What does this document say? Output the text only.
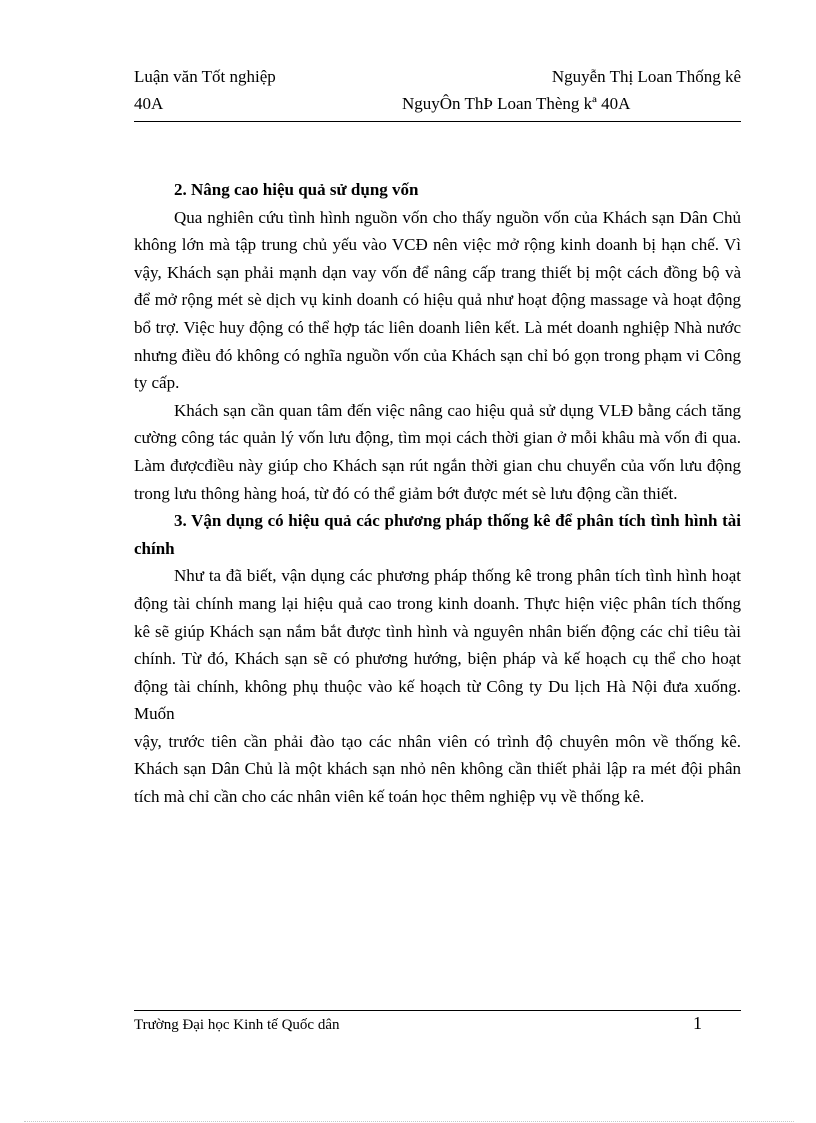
Luận văn Tốt nghiệp	Nguyễn Thị Loan Thống kê
40A	NguyÔn ThÞ Loan Thèng kª 40A

2. Nâng cao hiệu quả sử dụng vốn

Qua nghiên cứu tình hình nguồn vốn cho thấy nguồn vốn của Khách sạn Dân Chủ không lớn mà tập trung chủ yếu vào VCĐ nên việc mở rộng kinh doanh bị hạn chế. Vì vậy, Khách sạn phải mạnh dạn vay vốn để nâng cấp trang thiết bị một cách đồng bộ và để mở rộng mét sè dịch vụ kinh doanh có hiệu quả như hoạt động massage và hoạt động bổ trợ. Việc huy động có thể hợp tác liên doanh liên kết. Là mét doanh nghiệp Nhà nước nhưng điều đó không có nghĩa nguồn vốn của Khách sạn chỉ bó gọn trong phạm vi Công ty cấp.

Khách sạn cần quan tâm đến việc nâng cao hiệu quả sử dụng VLĐ bằng cách tăng cường công tác quản lý vốn lưu động, tìm mọi cách thời gian ở mỗi khâu mà vốn đi qua. Làm đượcđiều này giúp cho Khách sạn rút ngắn thời gian chu chuyển của vốn lưu động trong lưu thông hàng hoá, từ đó có thể giảm bớt được mét sè lưu động cần thiết.

3. Vận dụng có hiệu quả các phương pháp thống kê để phân tích tình hình tài chính

Như ta đã biết, vận dụng các phương pháp thống kê trong phân tích tình hình hoạt động tài chính mang lại hiệu quả cao trong kinh doanh. Thực hiện việc phân tích thống kê sẽ giúp Khách sạn nắm bắt được tình hình và nguyên nhân biến động các chỉ tiêu tài chính. Từ đó, Khách sạn sẽ có phương hướng, biện pháp và kế hoạch cụ thể cho hoạt động tài chính, không phụ thuộc vào kế hoạch từ Công ty Du lịch Hà Nội đưa xuống. Muốn

vậy, trước tiên cần phải đào tạo các nhân viên có trình độ chuyên môn về thống kê. Khách sạn Dân Chủ là một khách sạn nhỏ nên không cần thiết phải lập ra mét đội phân tích mà chỉ cần cho các nhân viên kế toán học thêm nghiệp vụ về thống kê.

Trường Đại học Kinh tế Quốc dân	1
